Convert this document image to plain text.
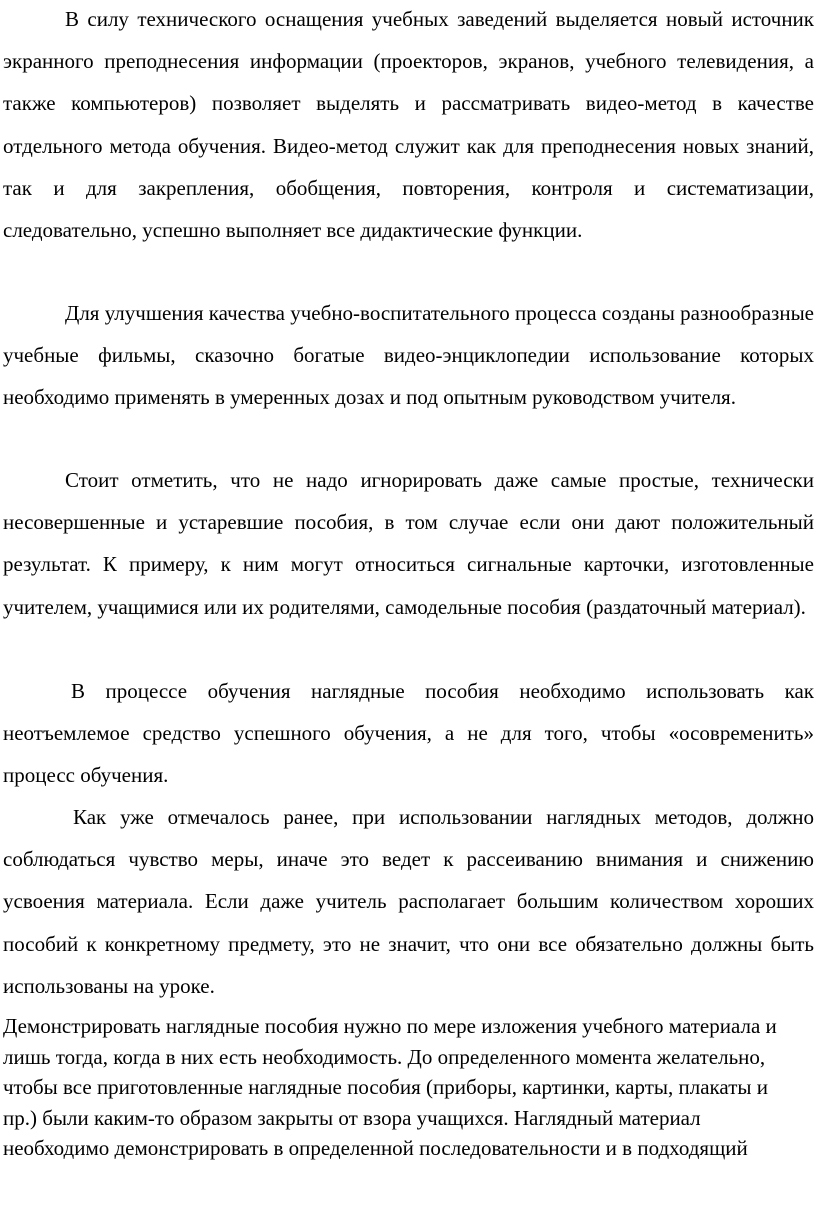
В силу технического оснащения учебных заведений выделяется новый источник экранного преподнесения информации (проекторов, экранов, учебного телевидения, а также компьютеров) позволяет выделять и рассматривать видео-метод в качестве отдельного метода обучения. Видео-метод служит как для преподнесения новых знаний, так и для закрепления, обобщения, повторения, контроля и систематизации, следовательно, успешно выполняет все дидактические функции.

Для улучшения качества учебно-воспитательного процесса созданы разнообразные учебные фильмы, сказочно богатые видео-энциклопедии использование которых необходимо применять в умеренных дозах и под опытным руководством учителя.

Стоит отметить, что не надо игнорировать даже самые простые, технически несовершенные и устаревшие пособия, в том случае если они дают положительный результат. К примеру, к ним могут относиться сигнальные карточки, изготовленные учителем, учащимися или их родителями, самодельные пособия (раздаточный материал).

В процессе обучения наглядные пособия необходимо использовать как неотъемлемое средство успешного обучения, а не для того, чтобы «осовременить» процесс обучения.

Как уже отмечалось ранее, при использовании наглядных методов, должно соблюдаться чувство меры, иначе это ведет к рассеиванию внимания и снижению усвоения материала. Если даже учитель располагает большим количеством хороших пособий к конкретному предмету, это не значит, что они все обязательно должны быть использованы на уроке.

Демонстрировать наглядные пособия нужно по мере изложения учебного материала и лишь тогда, когда в них есть необходимость. До определенного момента желательно, чтобы все приготовленные наглядные пособия (приборы, картинки, карты, плакаты и пр.) были каким-то образом закрыты от взора учащихся. Наглядный материал необходимо демонстрировать в определенной последовательности и в подходящий
